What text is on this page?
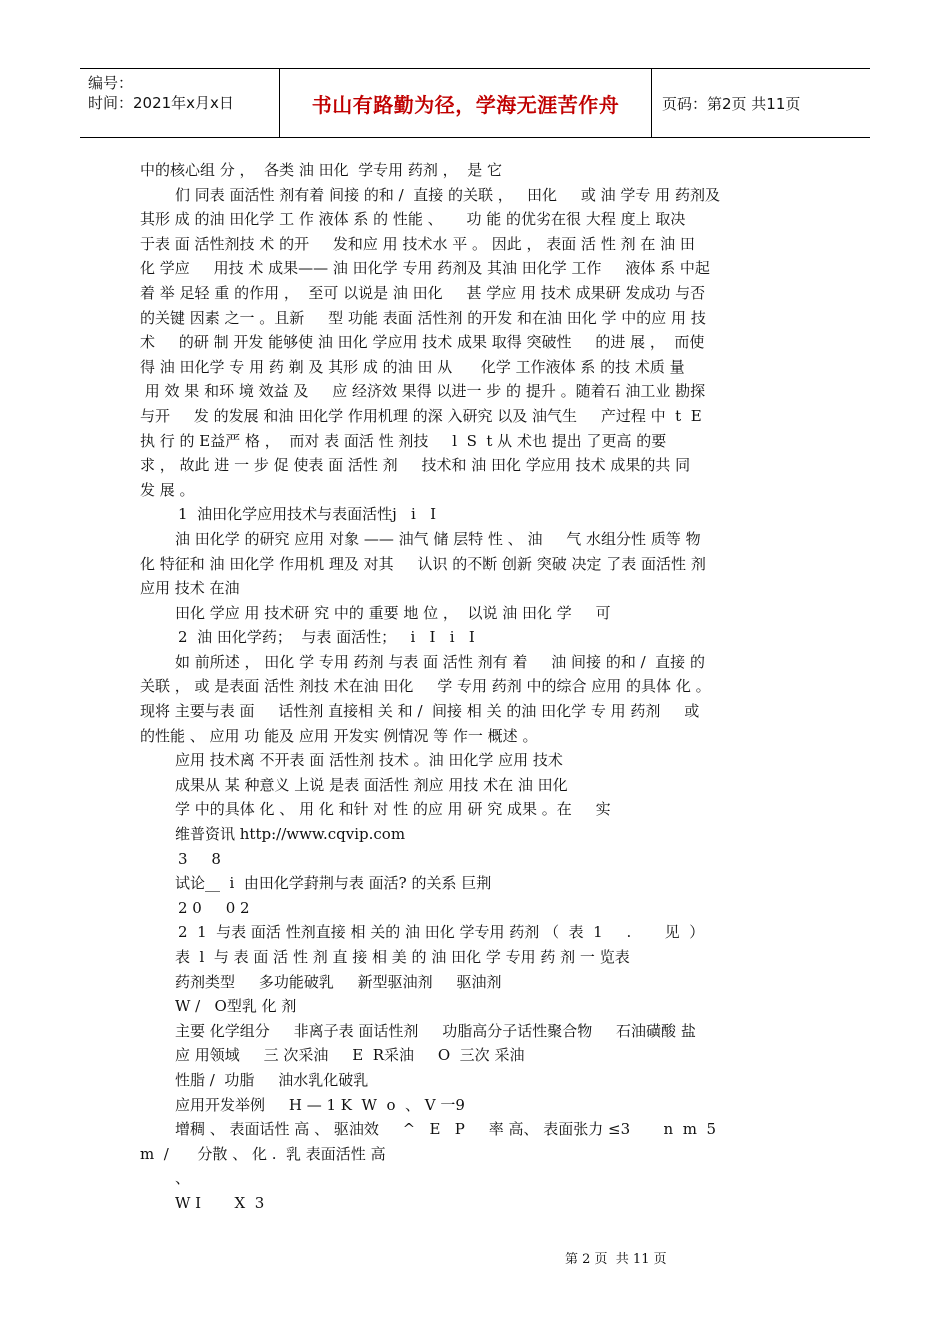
编号：
时间：2021年x月x日	书山有路勤为径，学海无涯苦作舟	页码：第2页 共11页
中的核心组 分 ，  各类 油 田化  学专用 药剂 ，  是 它
们 同表 面活性 剂有着 间接 的和 /  直接 的关联 ，   田化     或 油 学专 用 药剂及
其形 成 的油 田化学 工 作 液体 系 的 性能 、     功 能 的优劣在很 大程 度上 取决
于表 面 活性剂技 术 的开     发和应 用 技术水 平 。 因此 ， 表面 活 性 剂 在 油 田
化 学应     用技 术 成果—— 油 田化学 专用 药剂及 其油 田化学 工作     液体 系 中起
着 举 足轻 重 的作用 ，  至可 以说是 油 田化     甚 学应 用 技术 成果研 发成功 与否
的关键 因素 之一 。且新     型 功能 表面 活性剂 的开发 和在油 田化 学 中的应 用 技
术     的研 制 开发 能够使 油 田化 学应用 技术 成果 取得 突破性     的进 展 ，  而使
得 油 田化学 专 用 药 剃 及 其形 成 的油 田 从      化学 工作液体 系 的技 术质 量
用 效 果 和环 境 效益 及     应 经济效 果得 以进一 步 的 提升 。随着石 油工业 勘探
与开     发 的发展 和油 田化学 作用机理 的深 入研究 以及 油气生     产过程 中  t  E
执 行 的 E益严 格 ，  而对 表 面活 性 剂技     l  S  t 从 术也 提出 了更高 的要
求 ， 故此 进 一 步 促 使表 面 活性 剂     技术和 油 田化 学应用 技术 成果的共 同
发 展 。
1  油田化学应用技术与表面活性j   i   I
油 田化学 的研究 应用 对象 —— 油气 储 层特 性 、 油     气 水组分性 质等 物
化 特征和 油 田化学 作用机 理及 对其     认识 的不断 创新 突破 决定 了表 面活性 剂
应用 技术 在油
田化 学应 用 技术研 究 中的 重要 地 位 ，  以说 油 田化 学     可
2  油 田化学药；  与表 面活性；   i   I   i   I
如 前所述 ， 田化 学 专用 药剂 与表 面 活性 剂有 着     油 间接 的和 /  直接 的
关联 ， 或 是表面 活性 剂技 术在油 田化     学 专用 药剂 中的综合 应用 的具体 化 。
现将 主要与表 面     话性剂 直接相 关 和 /  间接 相 关 的油 田化学 专 用 药剂     或
的性能 、 应用 功 能及 应用 开发实 例情况 等 作一 概述 。
应用 技术离 不开表 面 活性剂 技术 。油 田化学 应用 技术
成果从 某 种意义 上说 是表 面活性 剂应 用技 术在 油 田化
学 中的具体 化 、 用 化 和针 对 性 的应 用 研 究 成果 。在     实
维普资讯 http://www.cqvip.com
3     8
试论__  i  由田化学葑荆与表 面活? 的关系 巨荆
2 0     0 2
2  1  与表 面活 性剂直接 相 关的 油 田化 学专用 药剂 （  表  1     .       见  ）
表  l  与 表 面 活 性 剂 直 接 相 美 的 油 田化 学 专用 药 剂 一 览表
药剂类型     多功能破乳     新型驱油剂     驱油剂
W /   O型乳 化 剂
主要 化学组分     非离子表 面话性剂     功脂高分子话性聚合物     石油磺酸 盐
应 用领域     三 次采油     E  R采油     O  三次 采油
性脂 /  功脂     油水乳化破乳
应用开发举例     H — 1 K  W  o  、 V 一9
增稠 、 表面话性 高 、 驱油效     ^   E   P     率 高、 表面张力 ≤3       n  m  5
m  /      分散 、 化 .  乳 表面活性 高
、
W I       X  3
第 2 页  共 11 页
